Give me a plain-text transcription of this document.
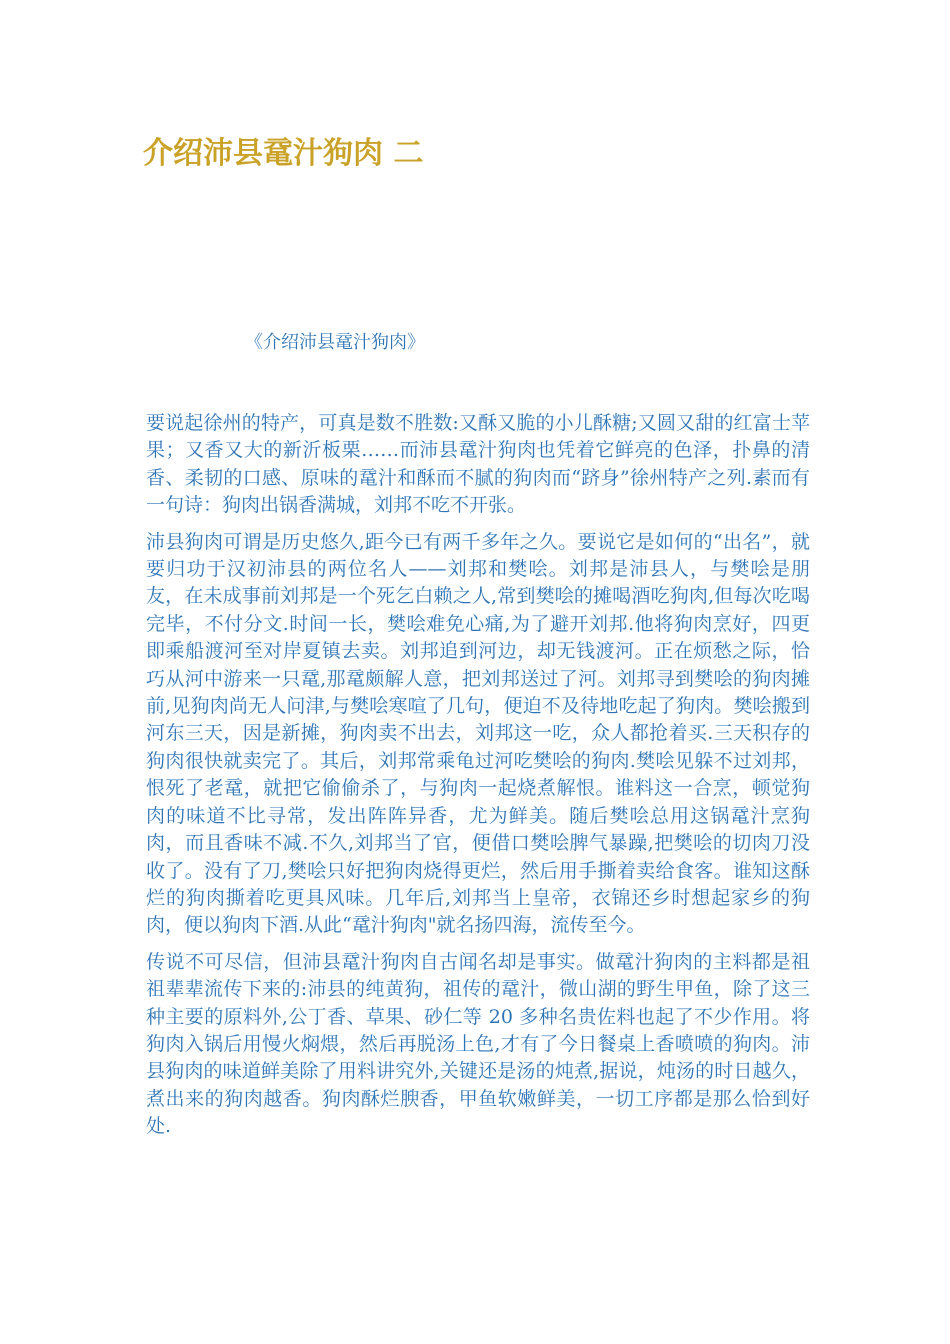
介绍沛县鼋汁狗肉 二

《介绍沛县鼋汁狗肉》

要说起徐州的特产，可真是数不胜数:又酥又脆的小儿酥糖;又圆又甜的红富士苹果；又香又大的新沂板栗……而沛县鼋汁狗肉也凭着它鲜亮的色泽，扑鼻的清香、柔韧的口感、原味的鼋汁和酥而不腻的狗肉而“跻身”徐州特产之列.素而有一句诗：狗肉出锅香满城，刘邦不吃不开张。

沛县狗肉可谓是历史悠久,距今已有两千多年之久。要说它是如何的“出名”，就要归功于汉初沛县的两位名人——刘邦和樊哙。刘邦是沛县人，与樊哙是朋友，在未成事前刘邦是一个死乞白赖之人,常到樊哙的摊喝酒吃狗肉,但每次吃喝完毕，不付分文.时间一长，樊哙难免心痛,为了避开刘邦.他将狗肉烹好，四更即乘船渡河至对岸夏镇去卖。刘邦追到河边，却无钱渡河。正在烦愁之际，恰巧从河中游来一只鼋,那鼋颇解人意，把刘邦送过了河。刘邦寻到樊哙的狗肉摊前,见狗肉尚无人问津,与樊哙寒喧了几句，便迫不及待地吃起了狗肉。樊哙搬到河东三天，因是新摊，狗肉卖不出去，刘邦这一吃，众人都抢着买.三天积存的狗肉很快就卖完了。其后，刘邦常乘龟过河吃樊哙的狗肉.樊哙见躲不过刘邦，恨死了老鼋，就把它偷偷杀了，与狗肉一起烧煮解恨。谁料这一合烹，顿觉狗肉的味道不比寻常，发出阵阵异香，尤为鲜美。随后樊哙总用这锅鼋汁烹狗肉，而且香味不减.不久,刘邦当了官，便借口樊哙脾气暴躁,把樊哙的切肉刀没收了。没有了刀,樊哙只好把狗肉烧得更烂，然后用手撕着卖给食客。谁知这酥烂的狗肉撕着吃更具风味。几年后,刘邦当上皇帝，衣锦还乡时想起家乡的狗肉，便以狗肉下酒.从此“鼋汁狗肉"就名扬四海，流传至今。

传说不可尽信，但沛县鼋汁狗肉自古闻名却是事实。做鼋汁狗肉的主料都是祖祖辈辈流传下来的:沛县的纯黄狗，祖传的鼋汁，微山湖的野生甲鱼，除了这三种主要的原料外,公丁香、草果、砂仁等 20 多种名贵佐料也起了不少作用。将狗肉入锅后用慢火焖煨，然后再脱汤上色,才有了今日餐桌上香喷喷的狗肉。沛县狗肉的味道鲜美除了用料讲究外,关键还是汤的炖煮,据说，炖汤的时日越久，煮出来的狗肉越香。狗肉酥烂腴香，甲鱼软嫩鲜美，一切工序都是那么恰到好处.
